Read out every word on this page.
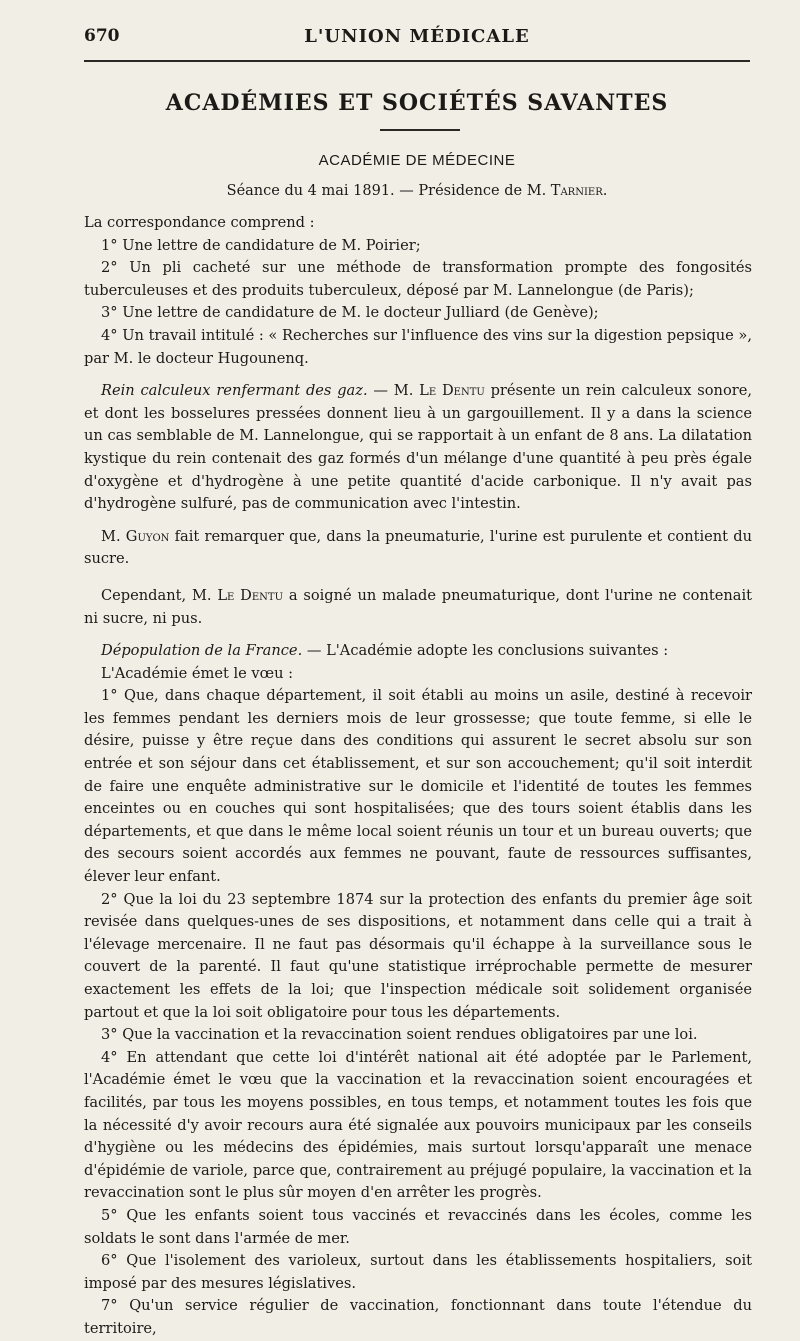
670	L'UNION MÉDICALE
ACADÉMIES ET SOCIÉTÉS SAVANTES
ACADÉMIE DE MÉDECINE
Séance du 4 mai 1891. — Présidence de M. Tarnier.

La correspondance comprend :

1° Une lettre de candidature de M. Poirier;

2° Un pli cacheté sur une méthode de transformation prompte des fongosités tuberculeuses et des produits tuberculeux, déposé par M. Lannelongue (de Paris);

3° Une lettre de candidature de M. le docteur Julliard (de Genève);

4° Un travail intitulé : « Recherches sur l'influence des vins sur la digestion pepsique », par M. le docteur Hugounenq.

Rein calculeux renfermant des gaz. — M. Le Dentu présente un rein calculeux sonore, et dont les bosselures pressées donnent lieu à un gargouillement. Il y a dans la science un cas semblable de M. Lannelongue, qui se rapportait à un enfant de 8 ans. La dilatation kystique du rein contenait des gaz formés d'un mélange d'une quantité à peu près égale d'oxygène et d'hydrogène à une petite quantité d'acide carbonique. Il n'y avait pas d'hydrogène sulfuré, pas de communication avec l'intestin.

M. Guyon fait remarquer que, dans la pneumaturie, l'urine est purulente et contient du sucre.

Cependant, M. Le Dentu a soigné un malade pneumaturique, dont l'urine ne contenait ni sucre, ni pus.

Dépopulation de la France. — L'Académie adopte les conclusions suivantes :

L'Académie émet le vœu :

1° Que, dans chaque département, il soit établi au moins un asile, destiné à recevoir les femmes pendant les derniers mois de leur grossesse; que toute femme, si elle le désire, puisse y être reçue dans des conditions qui assurent le secret absolu sur son entrée et son séjour dans cet établissement, et sur son accouchement; qu'il soit interdit de faire une enquête administrative sur le domicile et l'identité de toutes les femmes enceintes ou en couches qui sont hospitalisées; que des tours soient établis dans les départements, et que dans le même local soient réunis un tour et un bureau ouverts; que des secours soient accordés aux femmes ne pouvant, faute de ressources suffisantes, élever leur enfant.

2° Que la loi du 23 septembre 1874 sur la protection des enfants du premier âge soit revisée dans quelques-unes de ses dispositions, et notamment dans celle qui a trait à l'élevage mercenaire. Il ne faut pas désormais qu'il échappe à la surveillance sous le couvert de la parenté. Il faut qu'une statistique irréprochable permette de mesurer exactement les effets de la loi; que l'inspection médicale soit solidement organisée partout et que la loi soit obligatoire pour tous les départements.

3° Que la vaccination et la revaccination soient rendues obligatoires par une loi.

4° En attendant que cette loi d'intérêt national ait été adoptée par le Parlement, l'Académie émet le vœu que la vaccination et la revaccination soient encouragées et facilités, par tous les moyens possibles, en tous temps, et notamment toutes les fois que la nécessité d'y avoir recours aura été signalée aux pouvoirs municipaux par les conseils d'hygiène ou les médecins des épidémies, mais surtout lorsqu'apparaît une menace d'épidémie de variole, parce que, contrairement au préjugé populaire, la vaccination et la revaccination sont le plus sûr moyen d'en arrêter les progrès.

5° Que les enfants soient tous vaccinés et revaccinés dans les écoles, comme les soldats le sont dans l'armée de mer.

6° Que l'isolement des varioleux, surtout dans les établissements hospitaliers, soit imposé par des mesures législatives.

7° Qu'un service régulier de vaccination, fonctionnant dans toute l'étendue du territoire,
